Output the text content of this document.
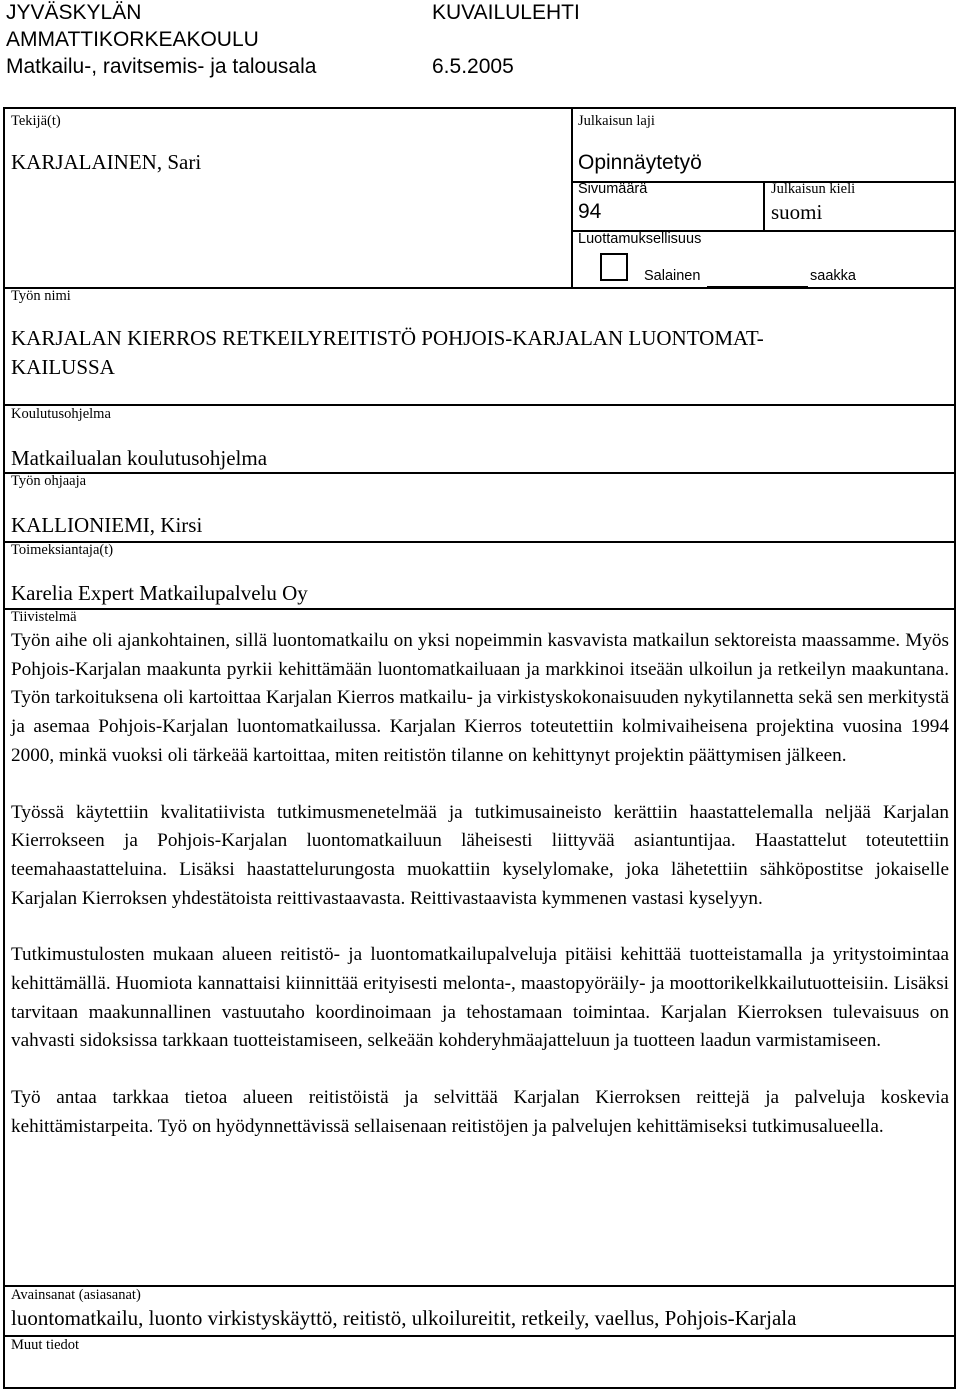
JYVÄSKYLÄN
AMMATTIKORKEAKOULU
Matkailu-, ravitsemis- ja talousala
KUVAILULEHTI
6.5.2005
Tekijä(t)
KARJALAINEN, Sari
Julkaisun laji
Opinnäytetyö
Sivumäärä
94
Julkaisun kieli
suomi
Luottamuksellisuus
Salainen	saakka
Työn nimi
KARJALAN KIERROS RETKEILYREITISTÖ POHJOIS-KARJALAN LUONTOMAT-
KAILUSSA
Koulutusohjelma
Matkailualan koulutusohjelma
Työn ohjaaja
KALLIONIEMI, Kirsi
Toimeksiantaja(t)
Karelia Expert Matkailupalvelu Oy
Tiivistelmä

Työn aihe oli ajankohtainen, sillä luontomatkailu on yksi nopeimmin kasvavista matkailun sektoreista maassamme. Myös Pohjois-Karjalan maakunta pyrkii kehittämään luontomatkailuaan ja markkinoi itseään ulkoilun ja retkeilyn maakuntana. Työn tarkoituksena oli kartoittaa Karjalan Kierros matkailu- ja virkistyskokonaisuuden nykytilannetta sekä sen merkitystä ja asemaa Pohjois-Karjalan luontomatkailussa. Karjalan Kierros toteutettiin kolmivaiheisena projektina vuosina 1994 2000, minkä vuoksi oli tärkeää kartoittaa, miten reitistön tilanne on kehittynyt projektin päättymisen jälkeen.

Työssä käytettiin kvalitatiivista tutkimusmenetelmää ja tutkimusaineisto kerättiin haastattelemalla neljää Karjalan Kierrokseen ja Pohjois-Karjalan luontomatkailuun läheisesti liittyvää asiantuntijaa. Haastattelut toteutettiin teemahaastatteluina. Lisäksi haastattelurungosta muokattiin kyselylomake, joka lähetettiin sähköpostitse jokaiselle Karjalan Kierroksen yhdestätoista reittivastaavasta. Reittivastaavista kymmenen vastasi kyselyyn.

Tutkimustulosten mukaan alueen reitistö- ja luontomatkailupalveluja pitäisi kehittää tuotteistamalla ja yritystoimintaa kehittämällä. Huomiota kannattaisi kiinnittää erityisesti melonta-, maastopyöräily- ja moottorikelkkailutuotteisiin. Lisäksi tarvitaan maakunnallinen vastuutaho koordinoimaan ja tehostamaan toimintaa. Karjalan Kierroksen tulevaisuus on vahvasti sidoksissa tarkkaan tuotteistamiseen, selkeään kohderyhmäajatteluun ja tuotteen laadun varmistamiseen.

Työ antaa tarkkaa tietoa alueen reitistöistä ja selvittää Karjalan Kierroksen reittejä ja palveluja koskevia kehittämistarpeita. Työ on hyödynnettävissä sellaisenaan reitistöjen ja palvelujen kehittämiseksi tutkimusalueella.

Avainsanat (asiasanat)
luontomatkailu, luonto virkistyskäyttö, reitistö, ulkoilureitit, retkeily, vaellus, Pohjois-Karjala
Muut tiedot
